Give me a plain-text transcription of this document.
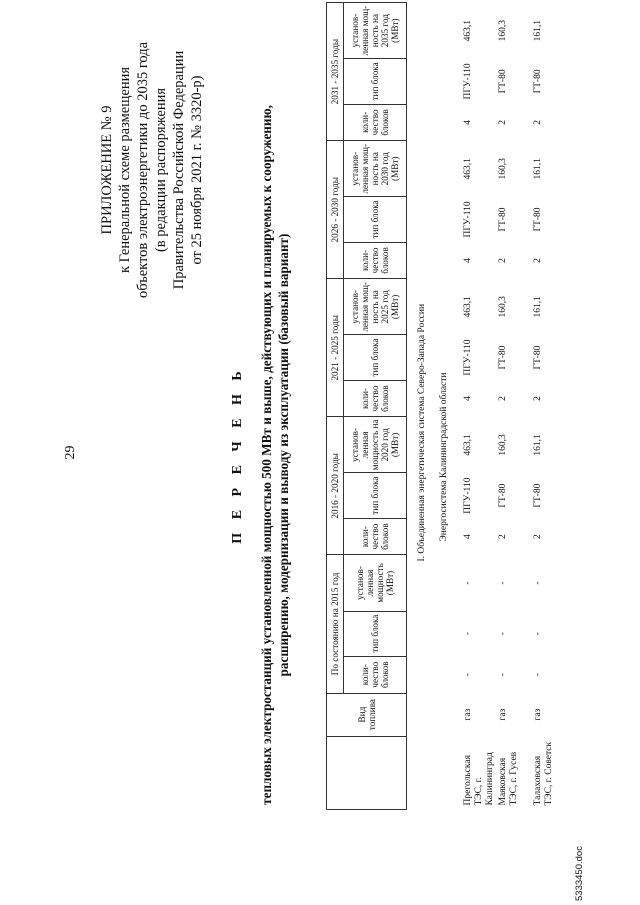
29
ПРИЛОЖЕНИЕ № 9 к Генеральной схеме размещения объектов электроэнергетики до 2035 года (в редакции распоряжения Правительства Российской Федерации от 25 ноября 2021 г. № 3320-р)
П Е Р Е Ч Е Н Ь тепловых электростанций установленной мощностью 500 МВт и выше, действующих и планируемых к сооружению, расширению, модернизации и выводу из эксплуатации (базовый вариант)
	Вид топлива	По состоянию на 2015 год			2016 - 2020 годы			2021 - 2025 годы			2026 - 2030 годы			2031 - 2035 годы		
		коли-чество блоков	тип блока	установ-ленная мощность (МВт)	коли-чество блоков	тип блока	установ-ленная мощность на 2020 год (МВт)	коли-чество блоков	тип блока	установ-ленная мощ-ность на 2025 год (МВт)	коли-чество блоков	тип блока	установ-ленная мощ-ность на 2030 год (МВт)	коли-чество блоков	тип блока	установ-ленная мощ-ность на 2035 год (МВт)
I. Объединенная энергетическая система Северо-Запада России																
Энергосистема Калининградской области																
Прегольская ТЭС, г. Калининград	газ	-	-	-	4	ПГУ-110	463,1	4	ПГУ-110	463,1	4	ПГУ-110	463,1	4	ПГУ-110	463,1
Маяковская ТЭС, г. Гусев	газ	-	-	-	2	ГТ-80	160,3	2	ГТ-80	160,3	2	ГТ-80	160,3	2	ГТ-80	160,3
Талаховская ТЭС, г. Советск	газ	-	-	-	2	ГТ-80	161,1	2	ГТ-80	161,1	2	ГТ-80	161,1	2	ГТ-80	161,1
5333450.doc
